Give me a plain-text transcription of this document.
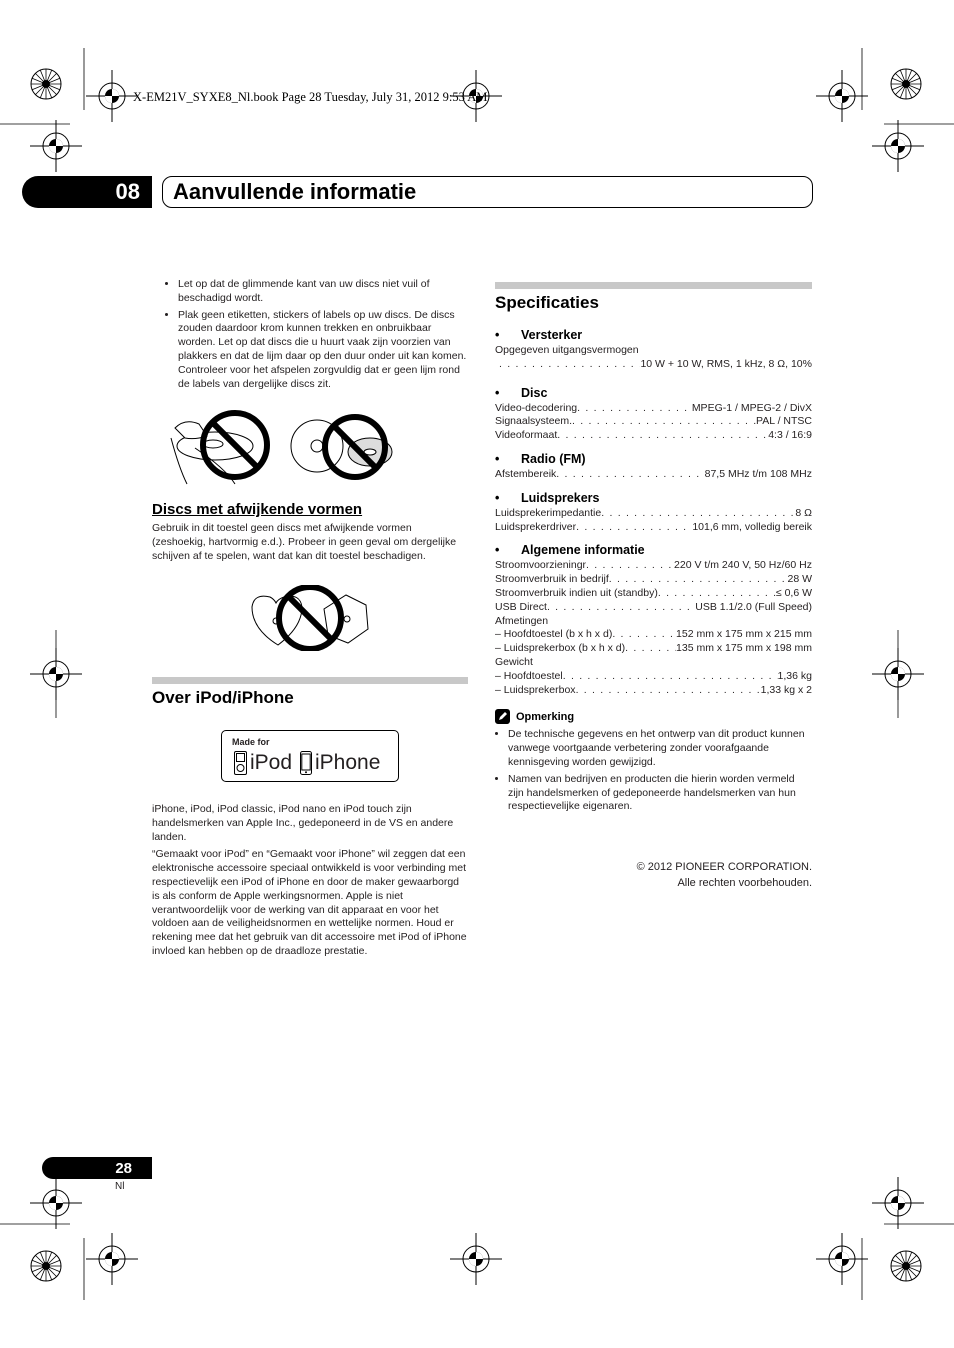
X-EM21V_SYXE8_Nl.book Page 28 Tuesday, July 31, 2012 9:53 AM
08	Aanvullende informatie
• Let op dat de glimmende kant van uw discs niet vuil of beschadigd wordt.
• Plak geen etiketten, stickers of labels op uw discs. De discs zouden daardoor krom kunnen trekken en onbruikbaar worden. Let op dat discs die u huurt vaak zijn voorzien van plakkers en dat de lijm daar op den duur onder uit kan komen. Controleer voor het afspelen zorgvuldig dat er geen lijm rond de labels van dergelijke discs zit.
Discs met afwijkende vormen

Gebruik in dit toestel geen discs met afwijkende vormen (zeshoekig, hartvormig e.d.). Probeer in geen geval om dergelijke schijven af te spelen, want dat kan dit toestel beschadigen.

Over iPod/iPhone
Made for
iPod iPhone

iPhone, iPod, iPod classic, iPod nano en iPod touch zijn handelsmerken van Apple Inc., gedeponeerd in de VS en andere landen.

“Gemaakt voor iPod” en “Gemaakt voor iPhone” wil zeggen dat een elektronische accessoire speciaal ontwikkeld is voor verbinding met respectievelijk een iPod of iPhone en door de maker gewaarborgd is als conform de Apple werkingsnormen. Apple is niet verantwoordelijk voor de werking van dit apparaat en voor het voldoen aan de veiligheidsnormen en wettelijke normen. Houd er rekening mee dat het gebruik van dit accessoire met iPod of iPhone invloed kan hebben op de draadloze prestatie.

Specificaties
•	Versterker
Opgegeven uitgangsvermogen
. . .
10 W + 10 W, RMS, 1 kHz, 8 Ω, 10%
•	Disc
Video-decodering . . .	MPEG-1 / MPEG-2 / DivX
Signaalsysteem. . . .	PAL / NTSC
Videoformaat . . .	4:3 / 16:9
•	Radio (FM)
Afstembereik . . .	87,5 MHz t/m 108 MHz
•	Luidsprekers
Luidsprekerimpedantie . . .	8 Ω
Luidsprekerdriver . . .	101,6 mm, volledig bereik
•	Algemene informatie
Stroomvoorzieningr . . .	220 V t/m 240 V, 50 Hz/60 Hz
Stroomverbruik in bedrijf . . .	28 W
Stroomverbruik indien uit (standby) . . .	≤ 0,6 W
USB Direct . . .	USB 1.1/2.0 (Full Speed)
Afmetingen
– Hoofdtoestel (b x h x d) . . .	152 mm x 175 mm x 215 mm
– Luidsprekerbox (b x h x d) . . .	135 mm x 175 mm x 198 mm
Gewicht
– Hoofdtoestel . . .	1,36 kg
– Luidsprekerbox . . .	1,33 kg x 2
Opmerking
• De technische gegevens en het ontwerp van dit product kunnen vanwege voortgaande verbetering zonder voorafgaande kennisgeving worden gewijzigd.
• Namen van bedrijven en producten die hierin worden vermeld zijn handelsmerken of gedeponeerde handelsmerken van hun respectievelijke eigenaren.
© 2012 PIONEER CORPORATION.
Alle rechten voorbehouden.
28
Nl
